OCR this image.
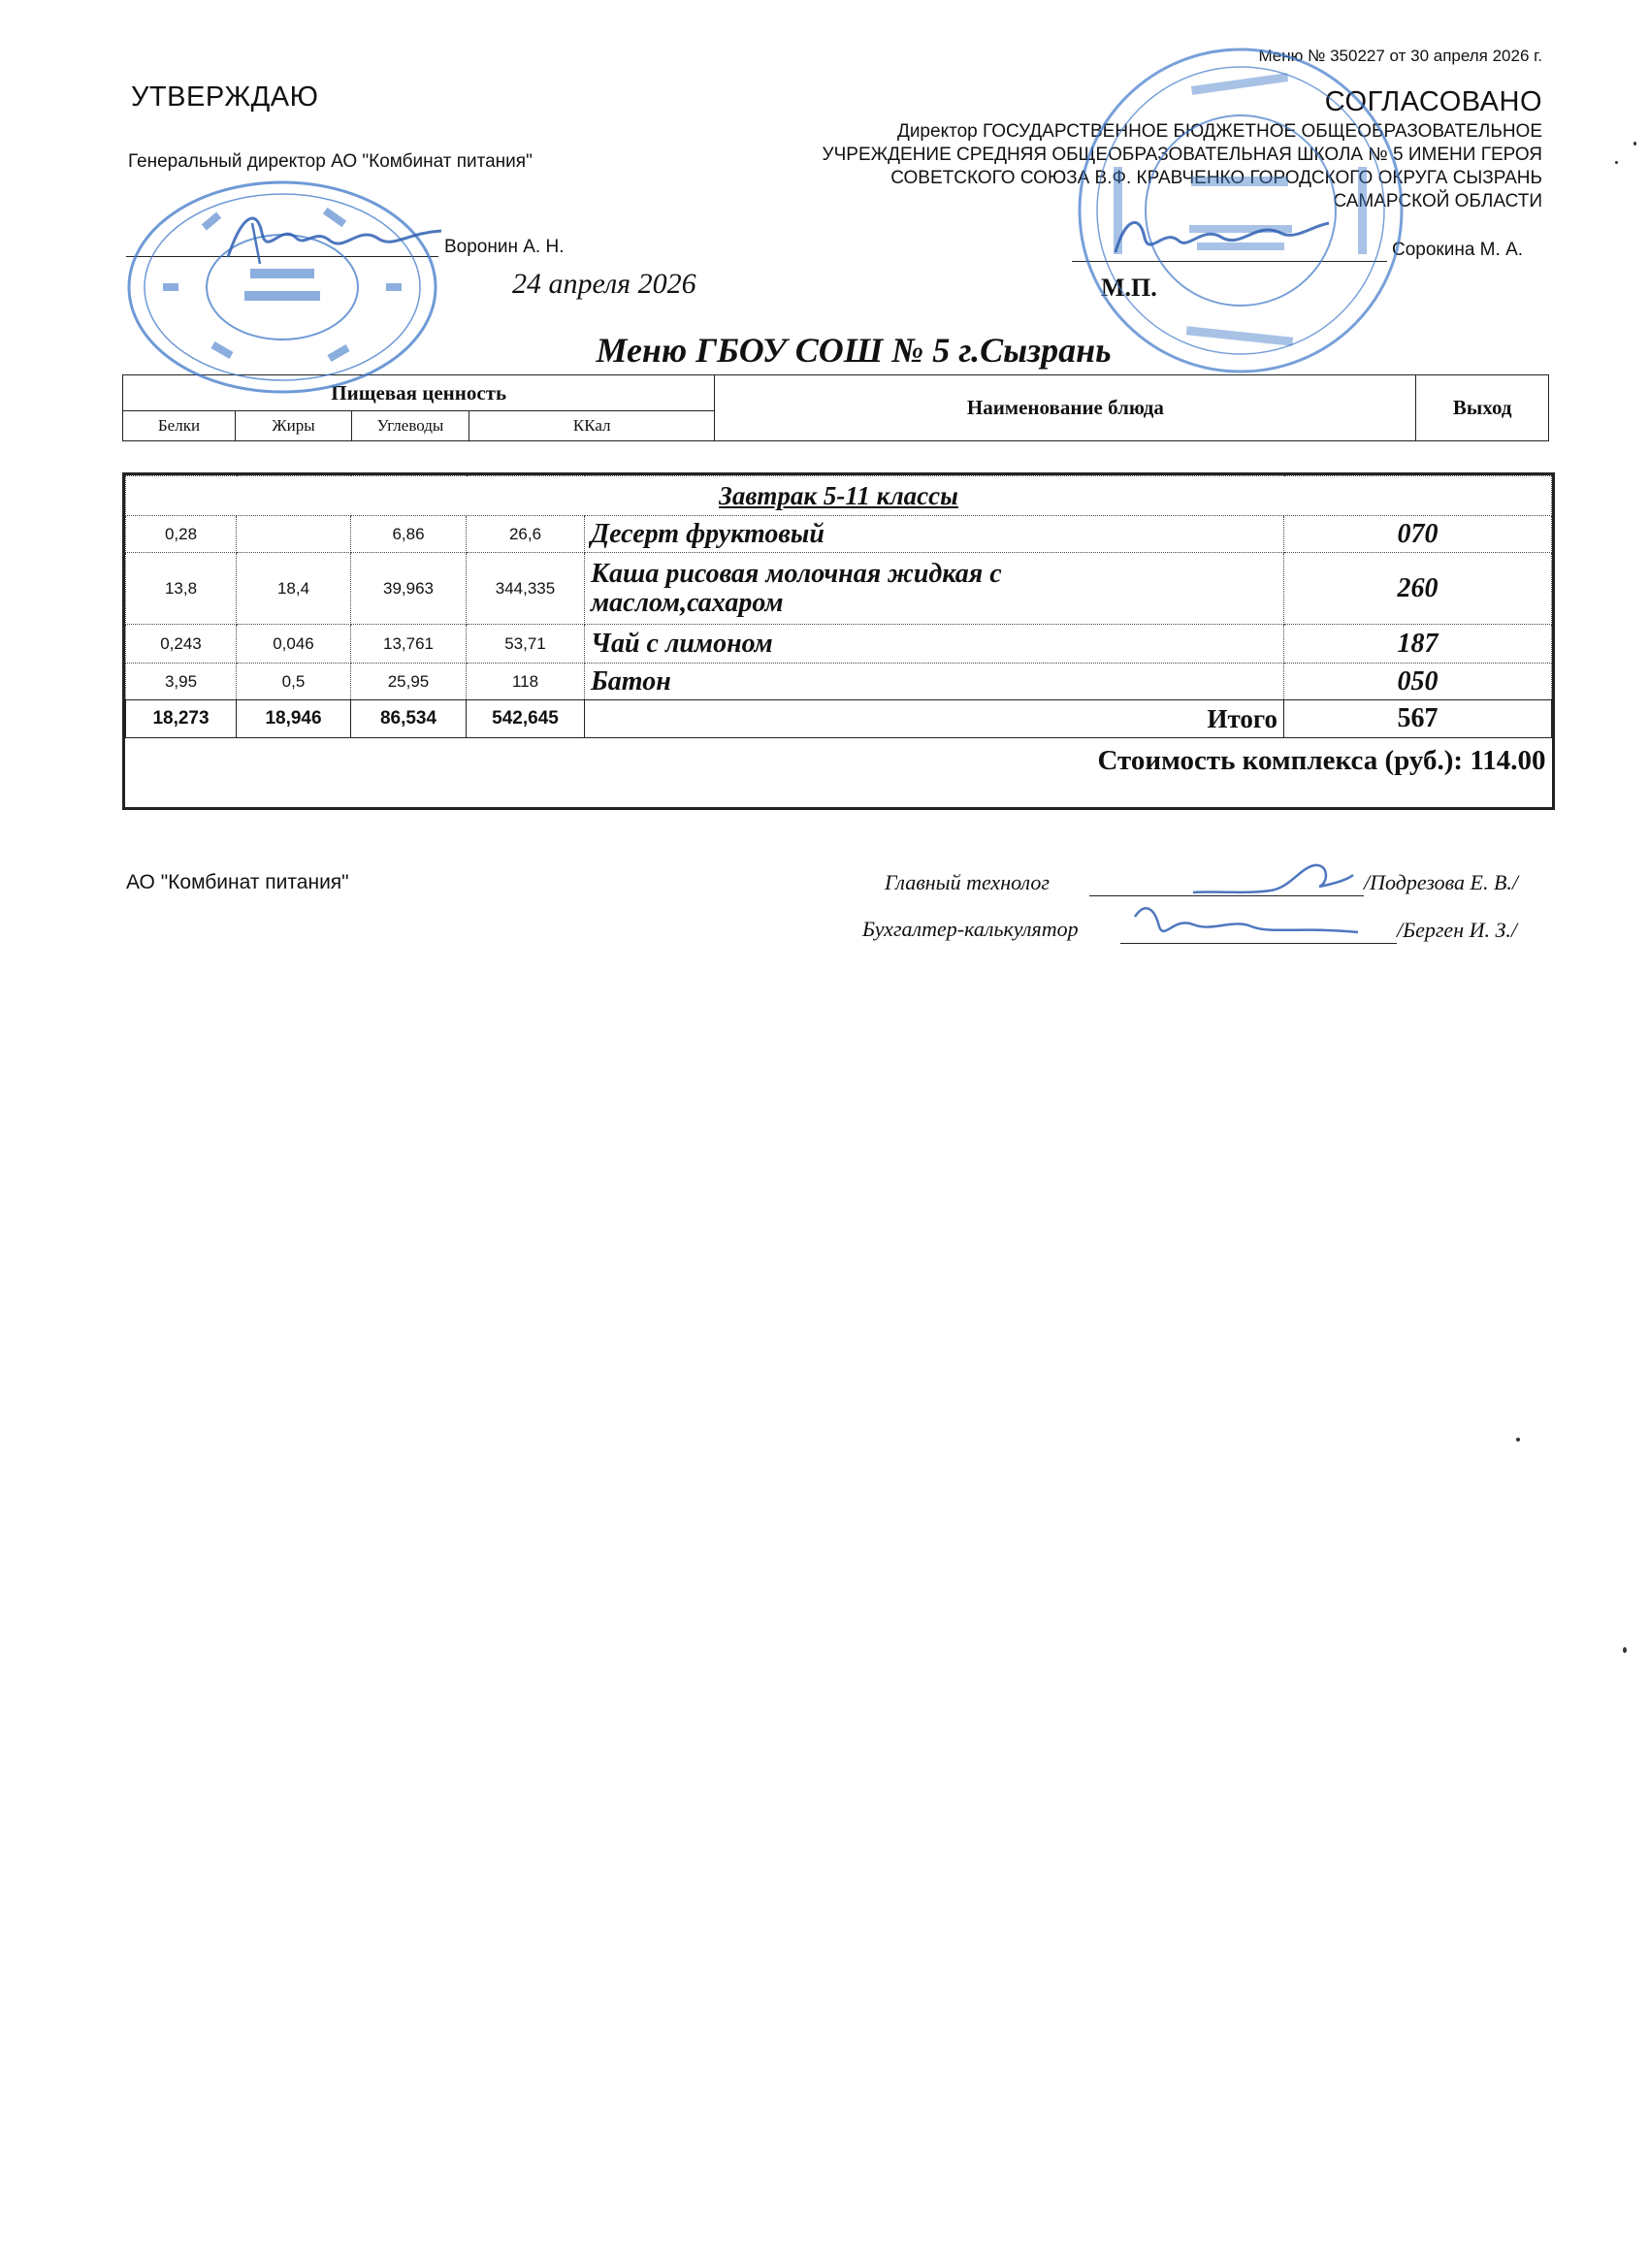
Меню № 350227 от 30 апреля 2026 г.
УТВЕРЖДАЮ	СОГЛАСОВАНО
Генеральный директор АО "Комбинат питания"
Директор ГОСУДАРСТВЕННОЕ БЮДЖЕТНОЕ ОБЩЕОБРАЗОВАТЕЛЬНОЕ
УЧРЕЖДЕНИЕ СРЕДНЯЯ ОБЩЕОБРАЗОВАТЕЛЬНАЯ ШКОЛА № 5 ИМЕНИ ГЕРОЯ
СОВЕТСКОГО СОЮЗА В.Ф. КРАВЧЕНКО ГОРОДСКОГО ОКРУГА СЫЗРАНЬ
САМАРСКОЙ ОБЛАСТИ
Воронин А. Н.	Сорокина М. А.
24 апреля 2026	М.П.
Меню ГБОУ СОШ № 5 г.Сызрань
Пищевая ценность				Наименование блюда	Выход
Белки	Жиры	Углеводы	ККал		
Завтрак 5-11 классы					
0,28		6,86	26,6	Десерт фруктовый	070
13,8	18,4	39,963	344,335	Каша рисовая молочная жидкая с маслом,сахаром	260
0,243	0,046	13,761	53,71	Чай с лимоном	187
3,95	0,5	25,95	118	Батон	050
18,273	18,946	86,534	542,645	Итого	567
Стоимость комплекса (руб.): 114.00					
АО "Комбинат питания"	Главный технолог	/Подрезова Е. В./
Бухгалтер-калькулятор	/Берген И. З./
